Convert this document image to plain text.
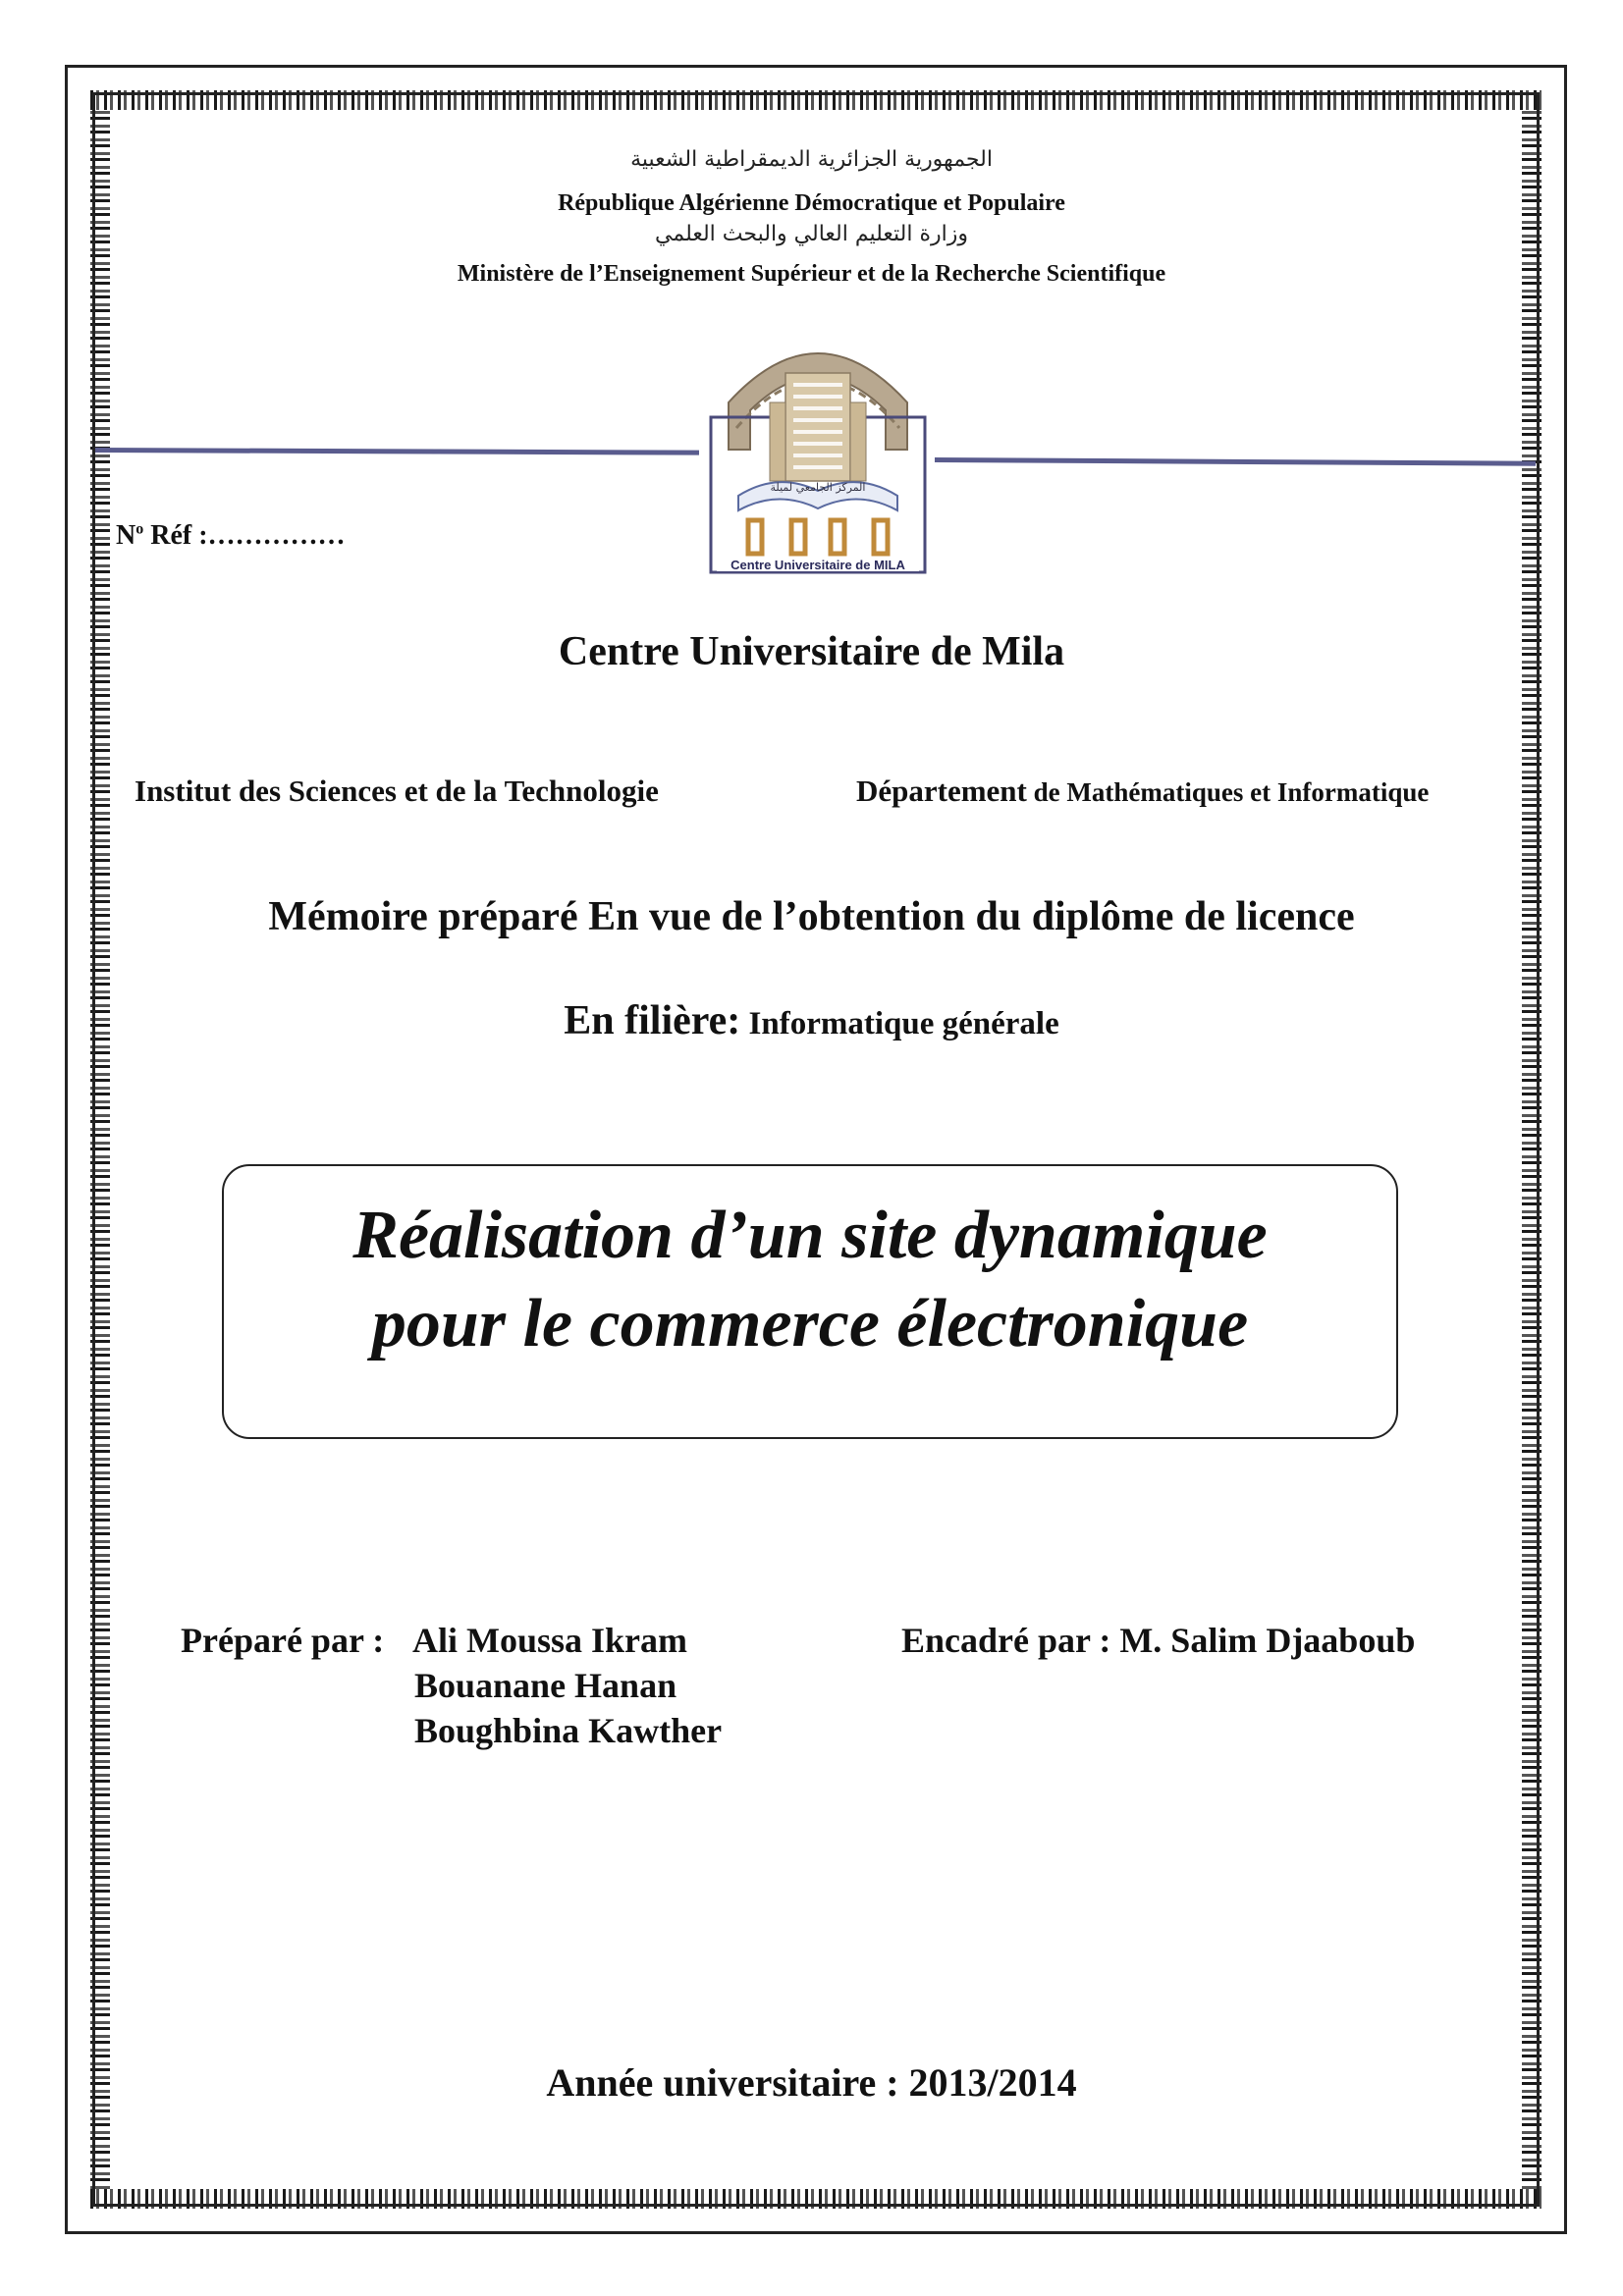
الجمهورية الجزائرية الديمقراطية الشعبية
République Algérienne Démocratique et Populaire
وزارة التعليم العالي والبحث العلمي
Ministère de l’Enseignement Supérieur et de la Recherche Scientifique
المركز الجامعي لميلة
Centre Universitaire de MILA
$N^o$ Réf :……………
Centre Universitaire de Mila
Institut des Sciences et de la Technologie	Département de Mathématiques et Informatique
Mémoire préparé En vue de l’obtention du diplôme de licence
En filière: Informatique générale
Réalisation d’un site dynamique
pour le commerce électronique
Préparé par : Ali Moussa Ikram
Bouanane Hanan
Boughbina Kawther
Encadré par : M. Salim Djaaboub
Année universitaire : 2013/2014
